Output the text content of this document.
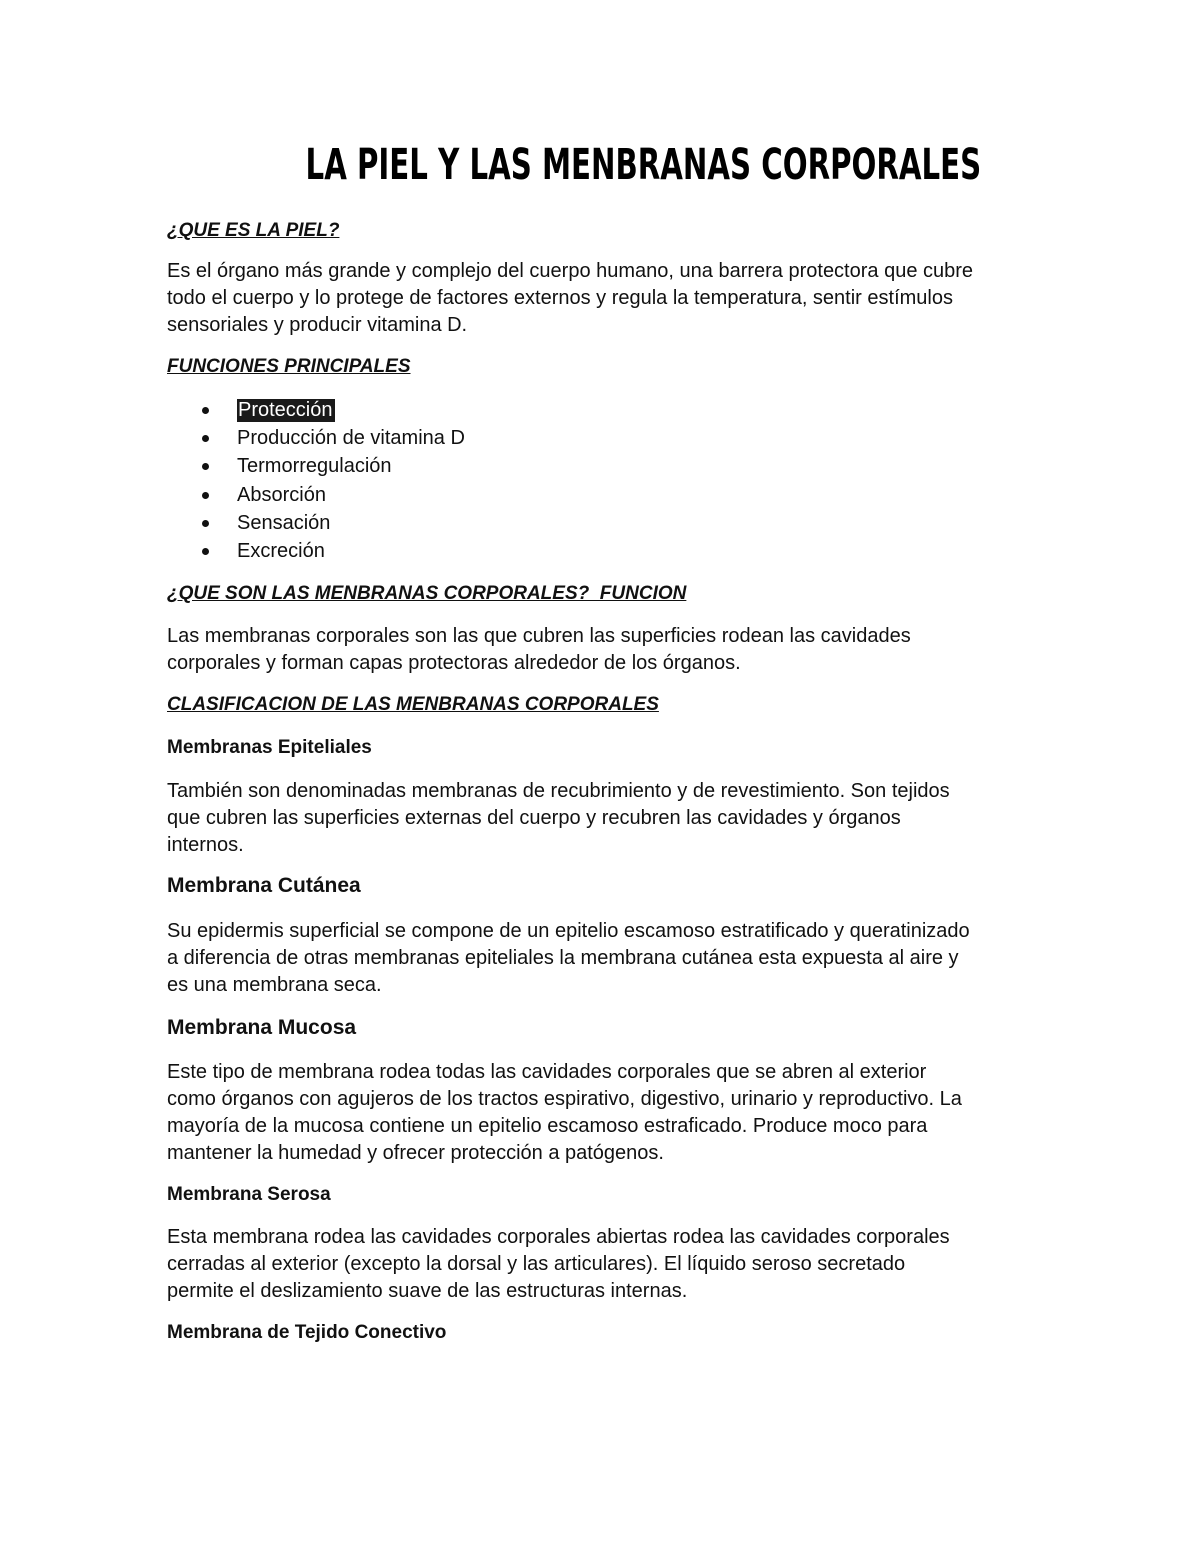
LA PIEL Y LAS MENBRANAS CORPORALES
¿QUE ES LA PIEL?
Es el órgano más grande y complejo del cuerpo humano, una barrera protectora que cubre
todo el cuerpo y lo protege de factores externos y regula la temperatura, sentir estímulos
sensoriales y producir vitamina D.
FUNCIONES PRINCIPALES
Protección
Producción de vitamina D
Termorregulación
Absorción
Sensación
Excreción
¿QUE SON LAS MENBRANAS CORPORALES?  FUNCION
Las membranas corporales son las que cubren las superficies rodean las cavidades
corporales y forman capas protectoras alrededor de los órganos.
CLASIFICACION DE LAS MENBRANAS CORPORALES
Membranas Epiteliales
También son denominadas membranas de recubrimiento y de revestimiento. Son tejidos
que cubren las superficies externas del cuerpo y recubren las cavidades y órganos
internos.
Membrana Cutánea
Su epidermis superficial se compone de un epitelio escamoso estratificado y queratinizado
a diferencia de otras membranas epiteliales la membrana cutánea esta expuesta al aire y
es una membrana seca.
Membrana Mucosa
Este tipo de membrana rodea todas las cavidades corporales que se abren al exterior
como órganos con agujeros de los tractos espirativo, digestivo, urinario y reproductivo. La
mayoría de la mucosa contiene un epitelio escamoso estraficado. Produce moco para
mantener la humedad y ofrecer protección a patógenos.
Membrana Serosa
Esta membrana rodea las cavidades corporales abiertas rodea las cavidades corporales
cerradas al exterior (excepto la dorsal y las articulares). El líquido seroso secretado
permite el deslizamiento suave de las estructuras internas.
Membrana de Tejido Conectivo
